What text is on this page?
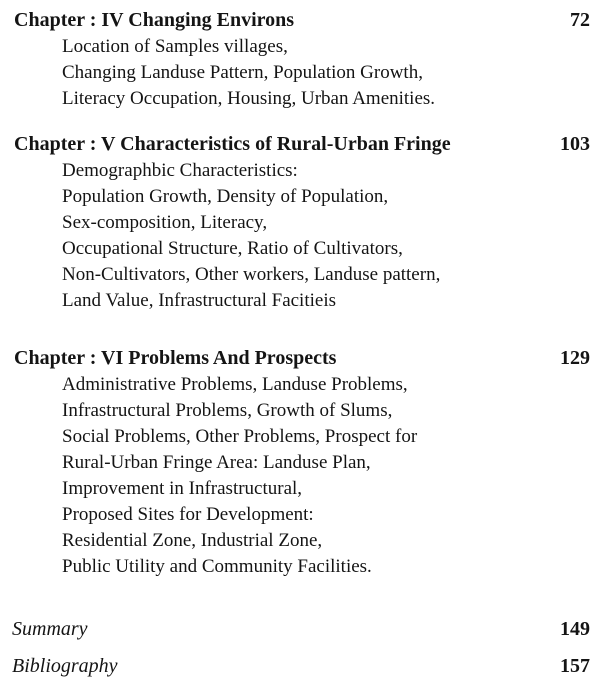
Chapter : IV Changing Environs	72
Location of Samples villages,
Changing Landuse Pattern, Population Growth,
Literacy Occupation, Housing, Urban Amenities.
Chapter : V Characteristics of Rural-Urban Fringe	103
Demographbic Characteristics:
Population Growth, Density of Population,
Sex-composition, Literacy,
Occupational Structure, Ratio of Cultivators,
Non-Cultivators, Other workers, Landuse pattern,
Land Value, Infrastructural Facitieis
Chapter : VI Problems And Prospects	129
Administrative Problems, Landuse Problems,
Infrastructural Problems, Growth of Slums,
Social Problems, Other Problems, Prospect for
Rural-Urban Fringe Area: Landuse Plan,
Improvement in Infrastructural,
Proposed Sites for Development:
Residential Zone, Industrial Zone,
Public Utility and Community Facilities.
Summary	149
Bibliography	157
